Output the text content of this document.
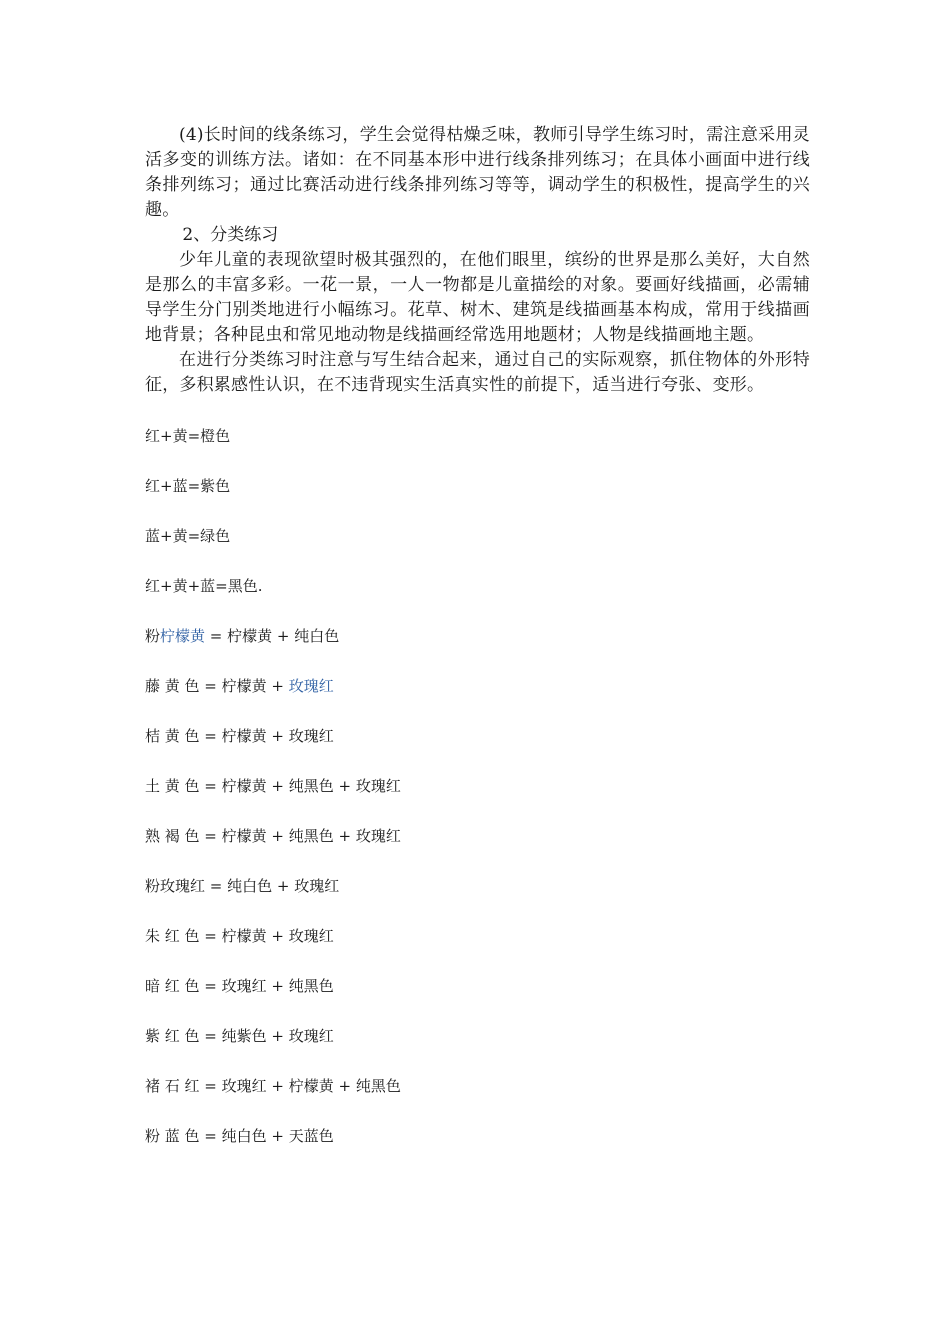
(4)长时间的线条练习，学生会觉得枯燥乏味，教师引导学生练习时，需注意采用灵活多变的训练方法。诸如：在不同基本形中进行线条排列练习；在具体小画面中进行线条排列练习；通过比赛活动进行线条排列练习等等，调动学生的积极性，提高学生的兴趣。

2、分类练习

少年儿童的表现欲望时极其强烈的，在他们眼里，缤纷的世界是那么美好，大自然是那么的丰富多彩。一花一景，一人一物都是儿童描绘的对象。要画好线描画，必需辅导学生分门别类地进行小幅练习。花草、树木、建筑是线描画基本构成，常用于线描画地背景；各种昆虫和常见地动物是线描画经常选用地题材；人物是线描画地主题。

在进行分类练习时注意与写生结合起来，通过自己的实际观察，抓住物体的外形特征，多积累感性认识，在不违背现实生活真实性的前提下，适当进行夸张、变形。

红+黄=橙色

红+蓝=紫色

蓝+黄=绿色

红+黄+蓝=黑色.

粉柠檬黄 = 柠檬黄 + 纯白色

藤 黄 色 = 柠檬黄 + 玫瑰红

桔 黄 色 = 柠檬黄 + 玫瑰红

土 黄 色 = 柠檬黄 + 纯黑色 + 玫瑰红

熟 褐 色 = 柠檬黄 + 纯黑色 + 玫瑰红

粉玫瑰红 = 纯白色 + 玫瑰红

朱 红 色 = 柠檬黄 + 玫瑰红

暗 红 色 = 玫瑰红 + 纯黑色

紫 红 色 = 纯紫色 + 玫瑰红

褚 石 红 = 玫瑰红 + 柠檬黄 + 纯黑色

粉 蓝 色 = 纯白色 + 天蓝色
